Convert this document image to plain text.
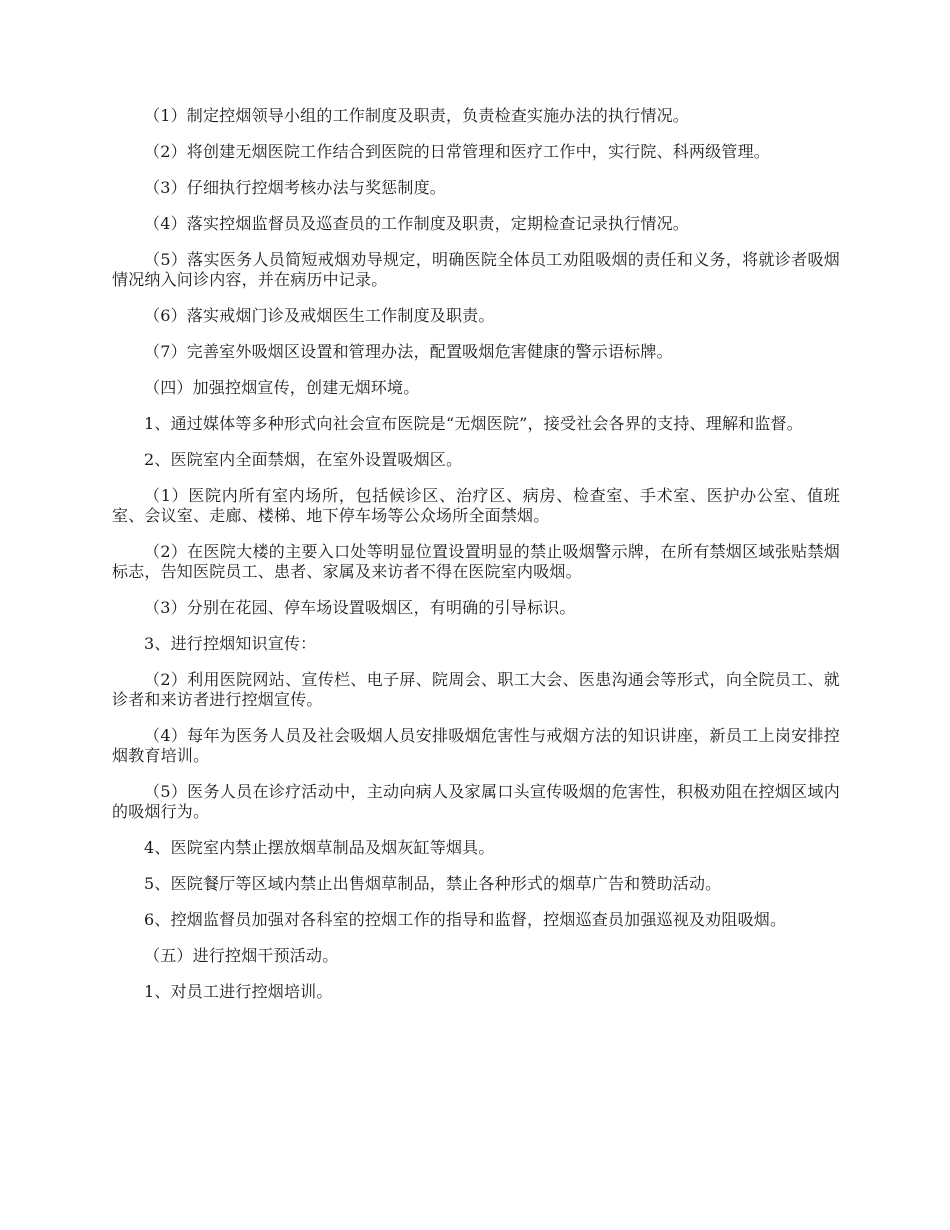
（1）制定控烟领导小组的工作制度及职责，负责检查实施办法的执行情况。

（2）将创建无烟医院工作结合到医院的日常管理和医疗工作中，实行院、科两级管理。

（3）仔细执行控烟考核办法与奖惩制度。

（4）落实控烟监督员及巡查员的工作制度及职责，定期检查记录执行情况。

（5）落实医务人员简短戒烟劝导规定，明确医院全体员工劝阻吸烟的责任和义务，将就诊者吸烟情况纳入问诊内容，并在病历中记录。

（6）落实戒烟门诊及戒烟医生工作制度及职责。

（7）完善室外吸烟区设置和管理办法，配置吸烟危害健康的警示语标牌。

（四）加强控烟宣传，创建无烟环境。

1、通过媒体等多种形式向社会宣布医院是“无烟医院”，接受社会各界的支持、理解和监督。

2、医院室内全面禁烟，在室外设置吸烟区。

（1）医院内所有室内场所，包括候诊区、治疗区、病房、检查室、手术室、医护办公室、值班室、会议室、走廊、楼梯、地下停车场等公众场所全面禁烟。

（2）在医院大楼的主要入口处等明显位置设置明显的禁止吸烟警示牌，在所有禁烟区域张贴禁烟标志，告知医院员工、患者、家属及来访者不得在医院室内吸烟。

（3）分别在花园、停车场设置吸烟区，有明确的引导标识。

3、进行控烟知识宣传：

（2）利用医院网站、宣传栏、电子屏、院周会、职工大会、医患沟通会等形式，向全院员工、就诊者和来访者进行控烟宣传。

（4）每年为医务人员及社会吸烟人员安排吸烟危害性与戒烟方法的知识讲座，新员工上岗安排控烟教育培训。

（5）医务人员在诊疗活动中，主动向病人及家属口头宣传吸烟的危害性，积极劝阻在控烟区域内的吸烟行为。

4、医院室内禁止摆放烟草制品及烟灰缸等烟具。

5、医院餐厅等区域内禁止出售烟草制品，禁止各种形式的烟草广告和赞助活动。

6、控烟监督员加强对各科室的控烟工作的指导和监督，控烟巡查员加强巡视及劝阻吸烟。

（五）进行控烟干预活动。

1、对员工进行控烟培训。
